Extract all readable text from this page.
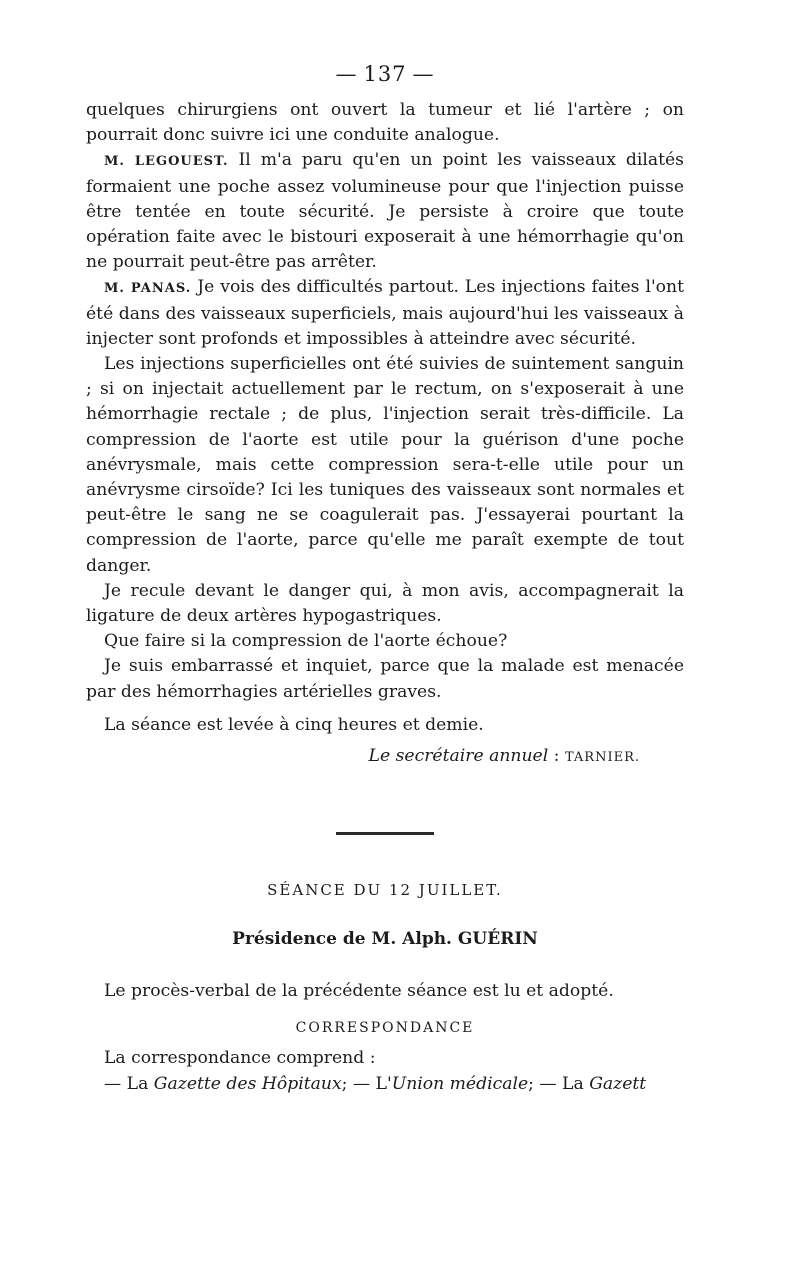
— 137 —

quelques chirurgiens ont ouvert la tumeur et lié l'artère ; on pourrait donc suivre ici une conduite analogue.

M. LEGOUEST. Il m'a paru qu'en un point les vaisseaux dilatés formaient une poche assez volumineuse pour que l'injection puisse être tentée en toute sécurité. Je persiste à croire que toute opération faite avec le bistouri exposerait à une hémorrhagie qu'on ne pourrait peut-être pas arrêter.

M. PANAS. Je vois des difficultés partout. Les injections faites l'ont été dans des vaisseaux superficiels, mais aujourd'hui les vaisseaux à injecter sont profonds et impossibles à atteindre avec sécurité.

Les injections superficielles ont été suivies de suintement sanguin ; si on injectait actuellement par le rectum, on s'exposerait à une hémorrhagie rectale ; de plus, l'injection serait très-difficile. La compression de l'aorte est utile pour la guérison d'une poche anévrysmale, mais cette compression sera-t-elle utile pour un anévrysme cirsoïde? Ici les tuniques des vaisseaux sont normales et peut-être le sang ne se coagulerait pas. J'essayerai pourtant la compression de l'aorte, parce qu'elle me paraît exempte de tout danger.

Je recule devant le danger qui, à mon avis, accompagnerait la ligature de deux artères hypogastriques.

Que faire si la compression de l'aorte échoue?

Je suis embarrassé et inquiet, parce que la malade est menacée par des hémorrhagies artérielles graves.

La séance est levée à cinq heures et demie.

Le secrétaire annuel : TARNIER.

SÉANCE DU 12 JUILLET.
Présidence de M. Alph. GUÉRIN

Le procès-verbal de la précédente séance est lu et adopté.

CORRESPONDANCE

La correspondance comprend :

— La Gazette des Hôpitaux; — L'Union médicale; — La Gazett
